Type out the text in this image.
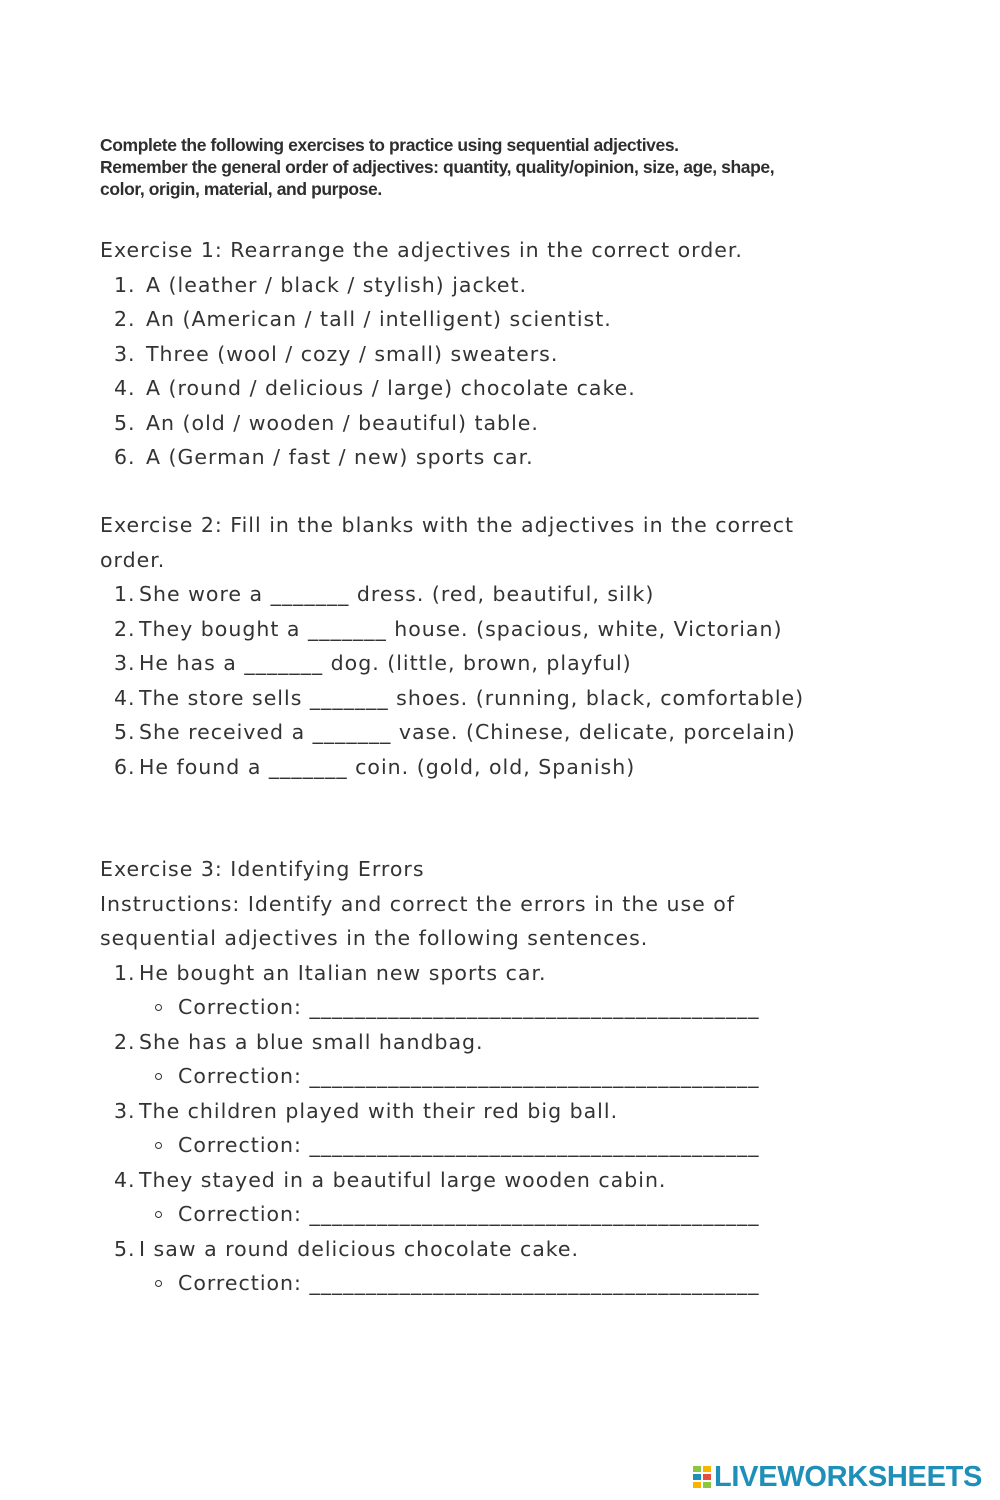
Complete the following exercises to practice using sequential adjectives.
Remember the general order of adjectives: quantity, quality/opinion, size, age, shape,
color, origin, material, and purpose.
Exercise 1: Rearrange the adjectives in the correct order.
1. A (leather / black / stylish) jacket.
2. An (American / tall / intelligent) scientist.
3. Three (wool / cozy / small) sweaters.
4. A (round / delicious / large) chocolate cake.
5. An (old / wooden / beautiful) table.
6. A (German / fast / new) sports car.
Exercise 2: Fill in the blanks with the adjectives in the correct
order.
1. She wore a _______ dress. (red, beautiful, silk)
2. They bought a _______ house. (spacious, white, Victorian)
3. He has a _______ dog. (little, brown, playful)
4. The store sells _______ shoes. (running, black, comfortable)
5. She received a _______ vase. (Chinese, delicate, porcelain)
6. He found a _______ coin. (gold, old, Spanish)
Exercise 3: Identifying Errors
Instructions: Identify and correct the errors in the use of
sequential adjectives in the following sentences.
1. He bought an Italian new sports car.
Correction: ________________________________________
2. She has a blue small handbag.
Correction: ________________________________________
3. The children played with their red big ball.
Correction: ________________________________________
4. They stayed in a beautiful large wooden cabin.
Correction: ________________________________________
5. I saw a round delicious chocolate cake.
Correction: ________________________________________
LIVEWORKSHEETS
